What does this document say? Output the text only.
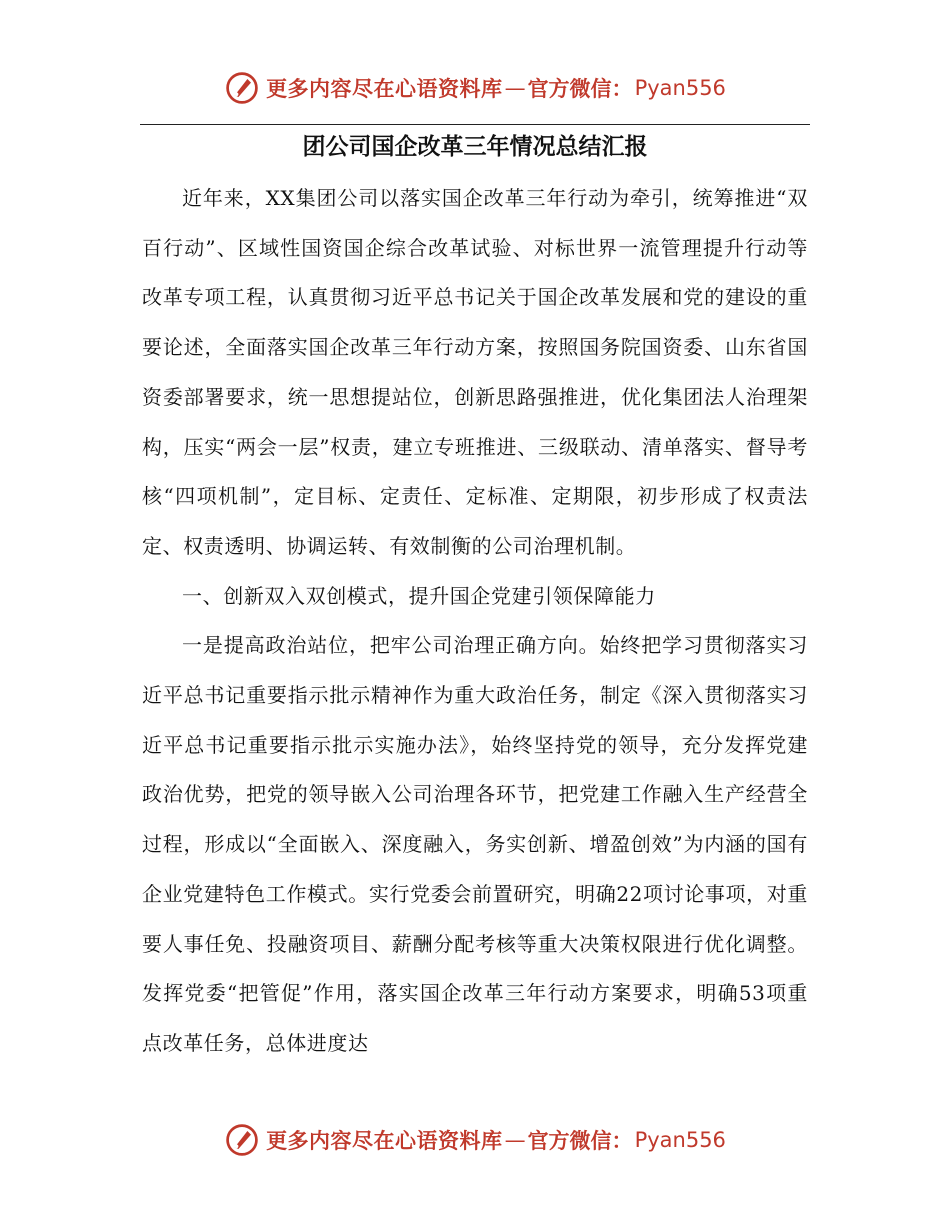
更多内容尽在心语资料库 — 官方微信： Pyan556
团公司国企改革三年情况总结汇报

近年来，XX集团公司以落实国企改革三年行动为牵引，统筹推进“双百行动”、区域性国资国企综合改革试验、对标世界一流管理提升行动等改革专项工程，认真贯彻习近平总书记关于国企改革发展和党的建设的重要论述，全面落实国企改革三年行动方案，按照国务院国资委、山东省国资委部署要求，统一思想提站位，创新思路强推进，优化集团法人治理架构，压实“两会一层”权责，建立专班推进、三级联动、清单落实、督导考核“四项机制”，定目标、定责任、定标准、定期限，初步形成了权责法定、权责透明、协调运转、有效制衡的公司治理机制。

一、创新双入双创模式，提升国企党建引领保障能力

一是提高政治站位，把牢公司治理正确方向。始终把学习贯彻落实习近平总书记重要指示批示精神作为重大政治任务，制定《深入贯彻落实习近平总书记重要指示批示实施办法》，始终坚持党的领导，充分发挥党建政治优势，把党的领导嵌入公司治理各环节，把党建工作融入生产经营全过程，形成以“全面嵌入、深度融入，务实创新、增盈创效”为内涵的国有企业党建特色工作模式。实行党委会前置研究，明确22项讨论事项，对重要人事任免、投融资项目、薪酬分配考核等重大决策权限进行优化调整。发挥党委“把管促”作用，落实国企改革三年行动方案要求，明确53项重点改革任务，总体进度达

更多内容尽在心语资料库 — 官方微信： Pyan556
